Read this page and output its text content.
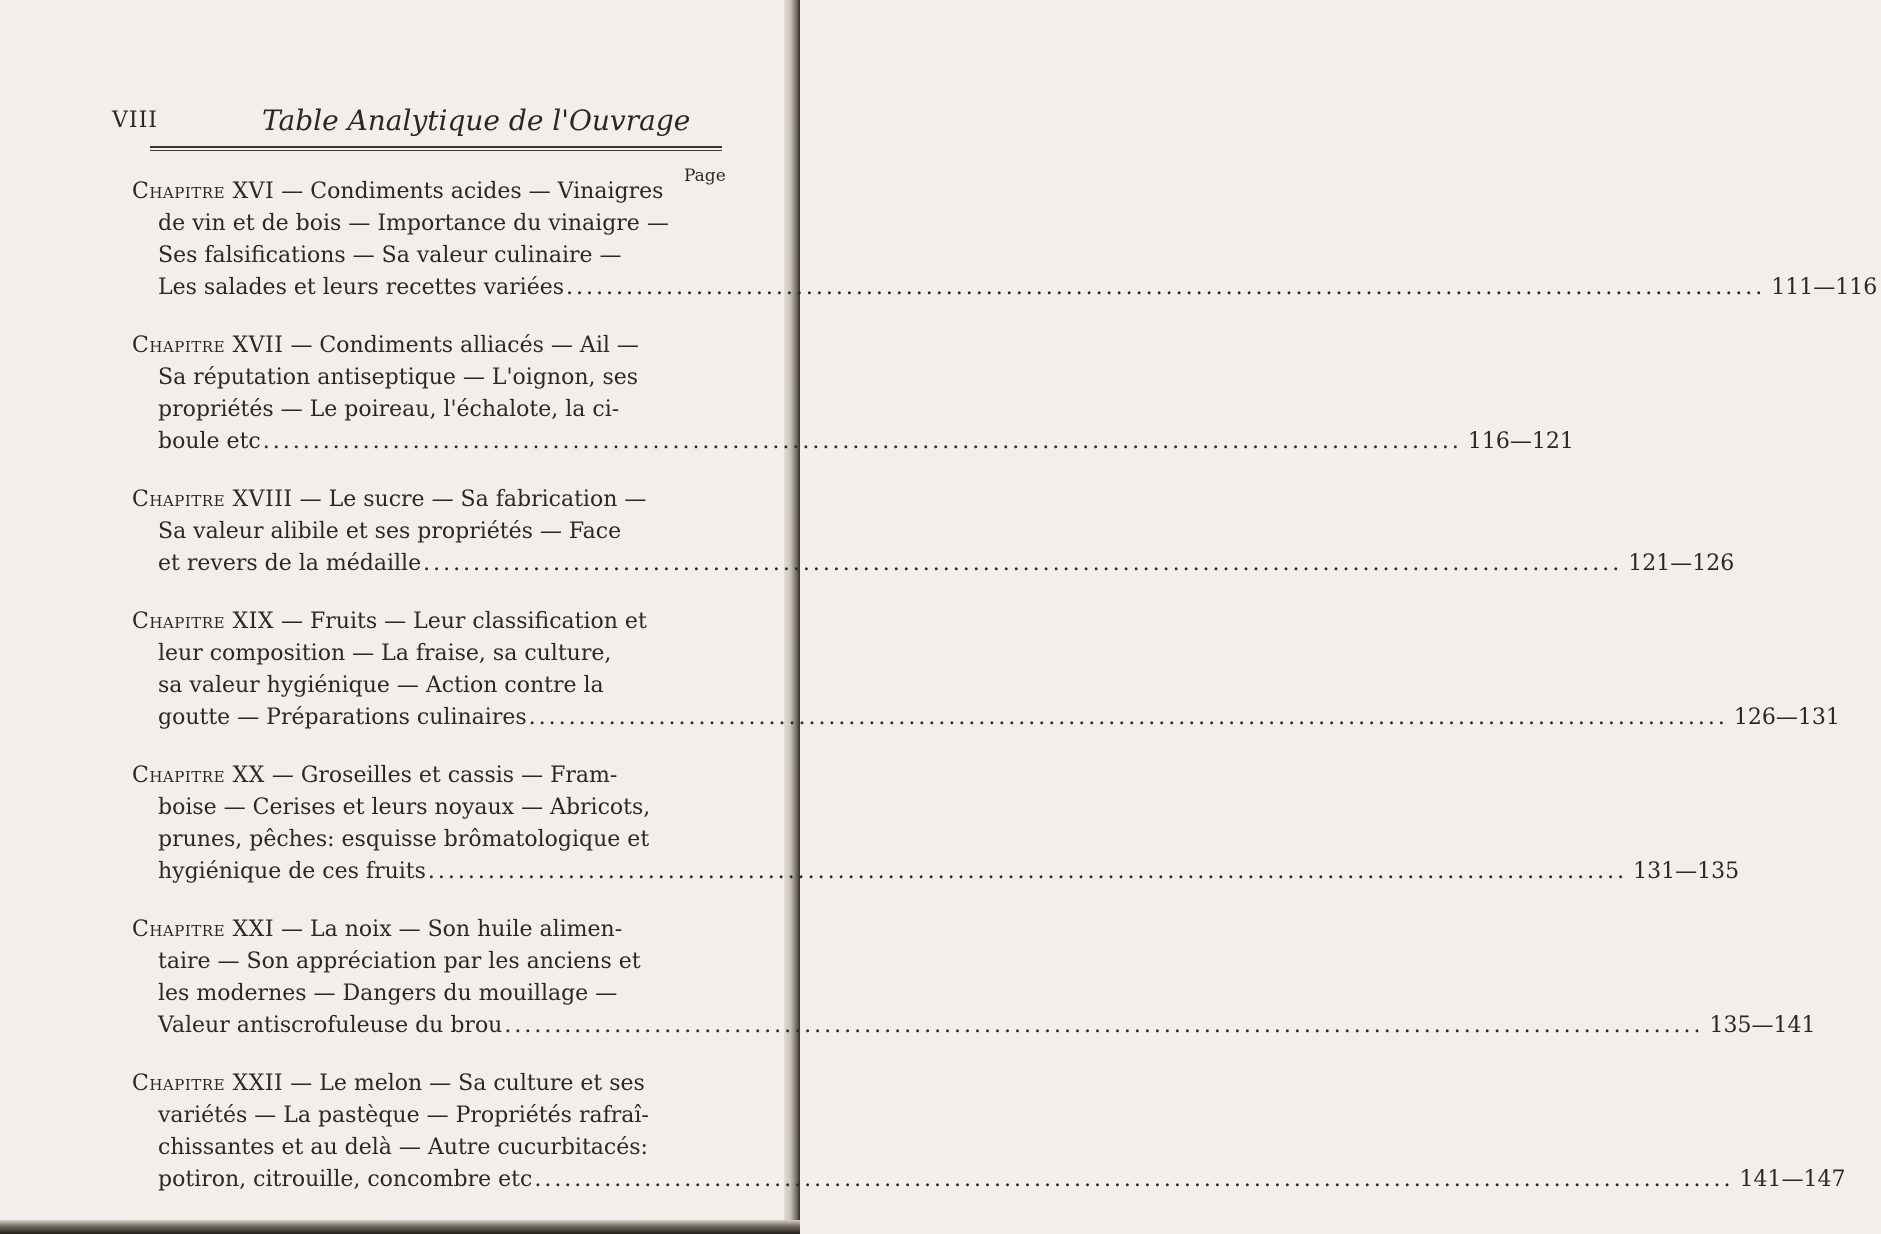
VIII	Table Analytique de l'Ouvrage
Page
Chapitre XVI — Condiments acides — Vinaigres
de vin et de bois — Importance du vinaigre —
Ses falsifications — Sa valeur culinaire —
Les salades et leurs recettes variées ........................................................................................................................ 111—116
Chapitre XVII — Condiments alliacés — Ail —
Sa réputation antiseptique — L'oignon, ses
propriétés — Le poireau, l'échalote, la ci-
boule etc ........................................................................................................................ 116—121
Chapitre XVIII — Le sucre — Sa fabrication —
Sa valeur alibile et ses propriétés — Face
et revers de la médaille ........................................................................................................................ 121—126
Chapitre XIX — Fruits — Leur classification et
leur composition — La fraise, sa culture,
sa valeur hygiénique — Action contre la
goutte — Préparations culinaires ........................................................................................................................ 126—131
Chapitre XX — Groseilles et cassis — Fram-
boise — Cerises et leurs noyaux — Abricots,
prunes, pêches: esquisse brômatologique et
hygiénique de ces fruits ........................................................................................................................ 131—135
Chapitre XXI — La noix — Son huile alimen-
taire — Son appréciation par les anciens et
les modernes — Dangers du mouillage —
Valeur antiscrofuleuse du brou ........................................................................................................................ 135—141
Chapitre XXII — Le melon — Sa culture et ses
variétés — La pastèque — Propriétés rafraî-
chissantes et au delà — Autre cucurbitacés:
potiron, citrouille, concombre etc ........................................................................................................................ 141—147
